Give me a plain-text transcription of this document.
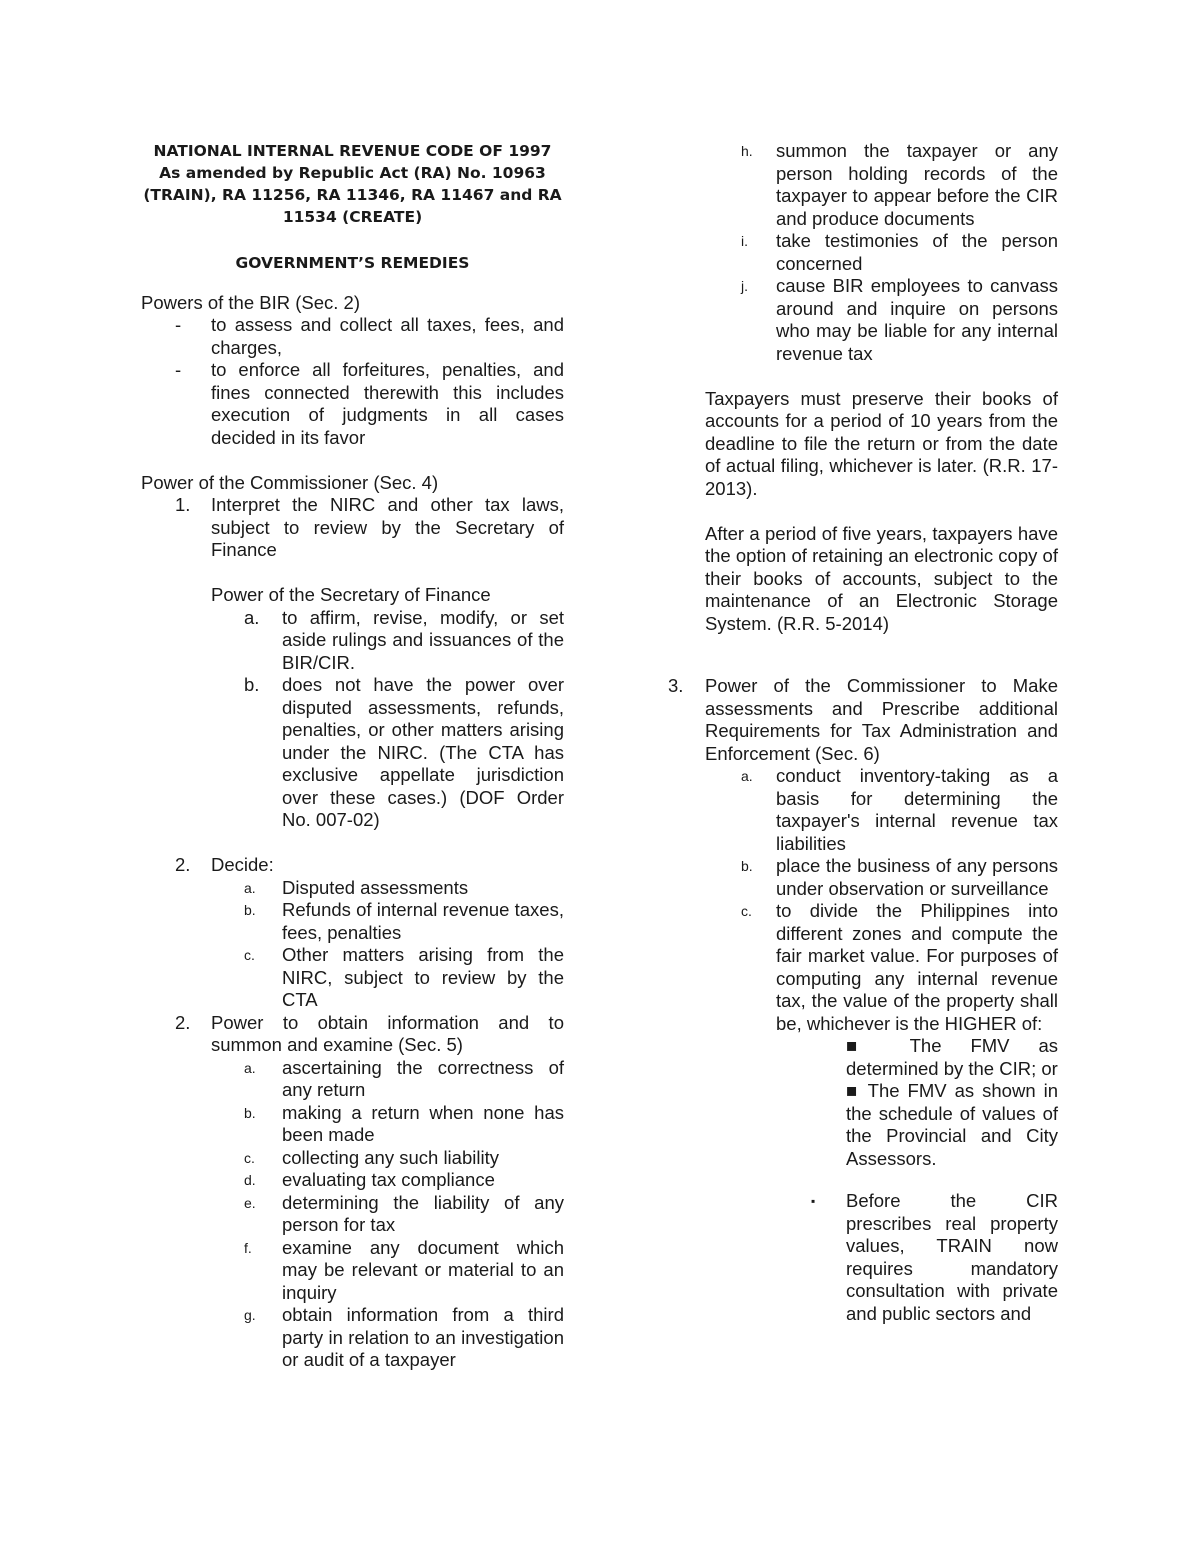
NATIONAL INTERNAL REVENUE CODE OF 1997
As amended by Republic Act (RA) No. 10963
(TRAIN), RA 11256, RA 11346, RA 11467 and RA
11534 (CREATE)
GOVERNMENT’S REMEDIES
Powers of the BIR (Sec. 2)
- to assess and collect all taxes, fees, and charges,
- to enforce all forfeitures, penalties, and fines connected therewith this includes execution of judgments in all cases decided in its favor
Power of the Commissioner (Sec. 4)
1. Interpret the NIRC and other tax laws, subject to review by the Secretary of Finance
Power of the Secretary of Finance
a. to affirm, revise, modify, or set aside rulings and issuances of the BIR/CIR.
b. does not have the power over disputed assessments, refunds, penalties, or other matters arising under the NIRC. (The CTA has exclusive appellate jurisdiction over these cases.) (DOF Order No. 007-02)
2. Decide:
a. Disputed assessments
b. Refunds of internal revenue taxes, fees, penalties
c. Other matters arising from the NIRC, subject to review by the CTA
2. Power to obtain information and to summon and examine (Sec. 5)
a. ascertaining the correctness of any return
b. making a return when none has been made
c. collecting any such liability
d. evaluating tax compliance
e. determining the liability of any person for tax
f. examine any document which may be relevant or material to an inquiry
g. obtain information from a third party in relation to an investigation or audit of a taxpayer
h. summon the taxpayer or any person holding records of the taxpayer to appear before the CIR and produce documents
i. take testimonies of the person concerned
j. cause BIR employees to canvass around and inquire on persons who may be liable for any internal revenue tax
Taxpayers must preserve their books of accounts for a period of 10 years from the deadline to file the return or from the date of actual filing, whichever is later. (R.R. 17-2013).
After a period of five years, taxpayers have the option of retaining an electronic copy of their books of accounts, subject to the maintenance of an Electronic Storage System. (R.R. 5-2014)
3. Power of the Commissioner to Make assessments and Prescribe additional Requirements for Tax Administration and Enforcement (Sec. 6)
a. conduct inventory-taking as a basis for determining the taxpayer's internal revenue tax liabilities
b. place the business of any persons under observation or surveillance
c. to divide the Philippines into different zones and compute the fair market value. For purposes of computing any internal revenue tax, the value of the property shall be, whichever is the HIGHER of:
■ The FMV as determined by the CIR; or
■ The FMV as shown in the schedule of values of the Provincial and City Assessors.
▪ Before the CIR prescribes real property values, TRAIN now requires mandatory consultation with private and public sectors and
